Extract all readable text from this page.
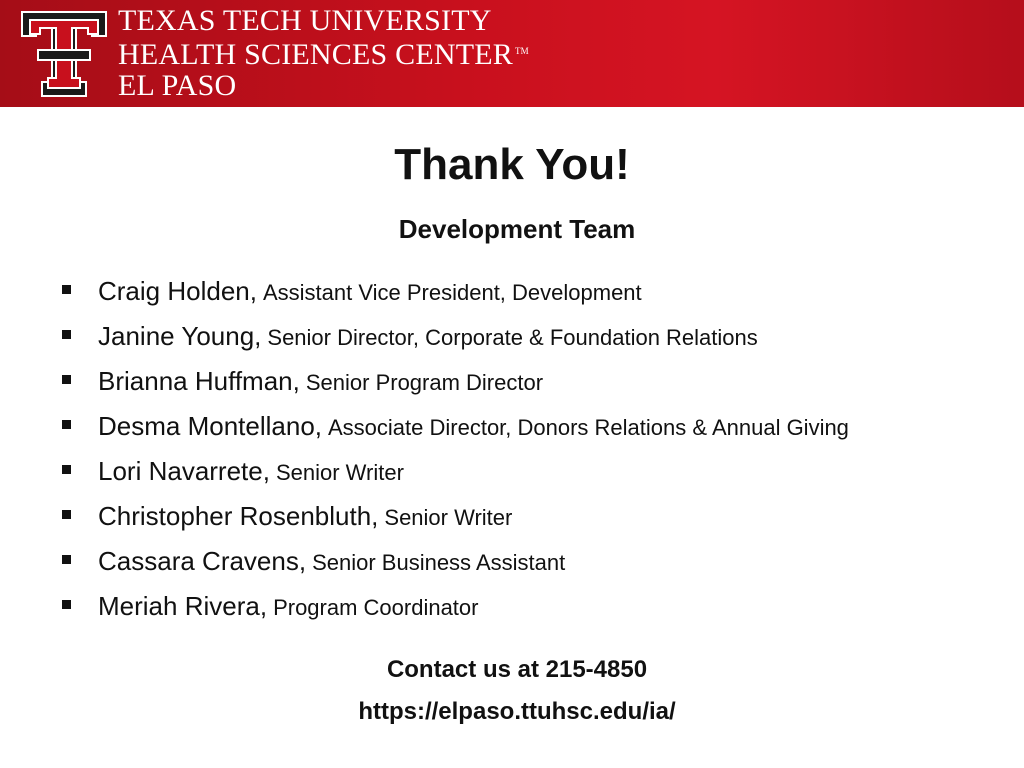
TEXAS TECH UNIVERSITY
HEALTH SCIENCES CENTER ™
EL PASO
Thank You!
Development Team
Craig Holden, Assistant Vice President, Development
Janine Young, Senior Director, Corporate & Foundation Relations
Brianna Huffman, Senior Program Director
Desma Montellano, Associate Director, Donors Relations & Annual Giving
Lori Navarrete, Senior Writer
Christopher Rosenbluth, Senior Writer
Cassara Cravens, Senior Business Assistant
Meriah Rivera, Program Coordinator
Contact us at 215-4850
https://elpaso.ttuhsc.edu/ia/
